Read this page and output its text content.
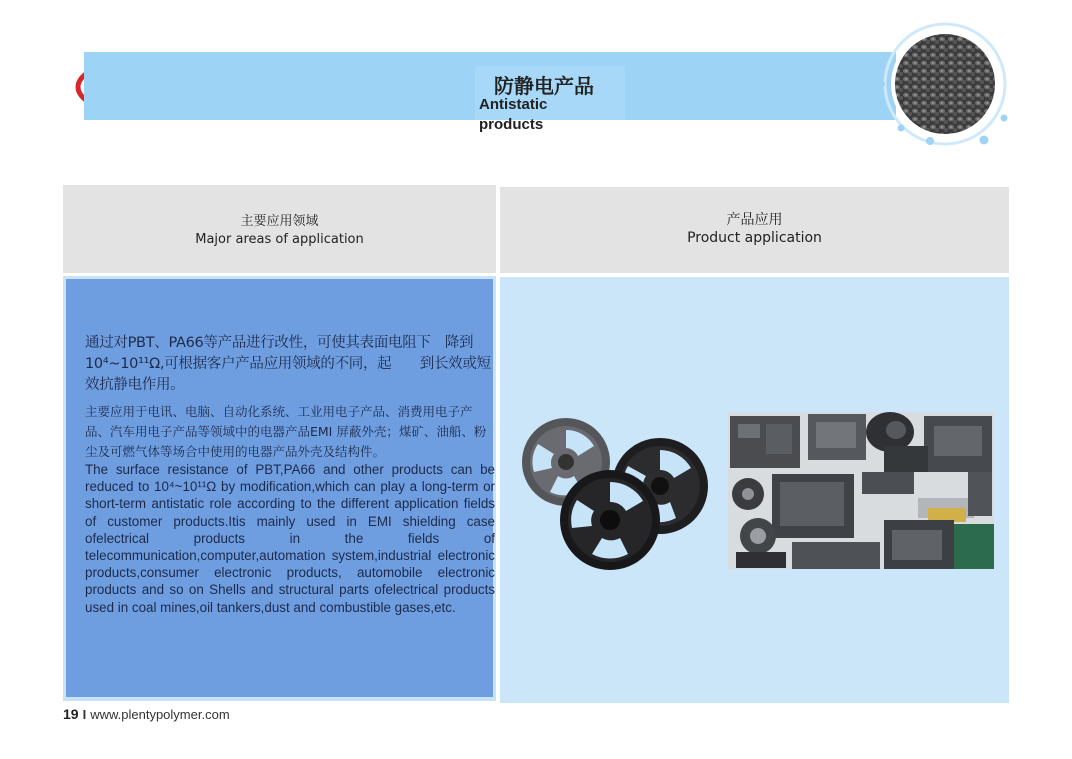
防静电产品
Antistatic products
主要应用领域
Major areas of application
产品应用
Product application
通过对PBT、PA66等产品进行改性，可使其表面电阻下　降到10⁴~10¹¹Ω,可根据客户产品应用领域的不同，起　　到长效或短效抗静电作用。
主要应用于电讯、电脑、自动化系统、工业用电子产品、消费用电子产品、汽车用电子产品等领域中的电器产品EMI 屏蔽外壳；煤矿、油船、粉尘及可燃气体等场合中使用的电器产品外壳及结构件。
The surface resistance of PBT,PA66 and other products can be reduced to 10⁴~10¹¹Ω by modification,which can play a long-term or short-term antistatic role according to the different application fields of customer products.Itis mainly used in EMI shielding case ofelectrical products in the fields of telecommunication,computer,automation system,industrial electronic products,consumer electronic products, automobile electronic products and so on Shells and structural parts ofelectrical products used in coal mines,oil tankers,dust and combustible gases,etc.
19 I www.plentypolymer.com
